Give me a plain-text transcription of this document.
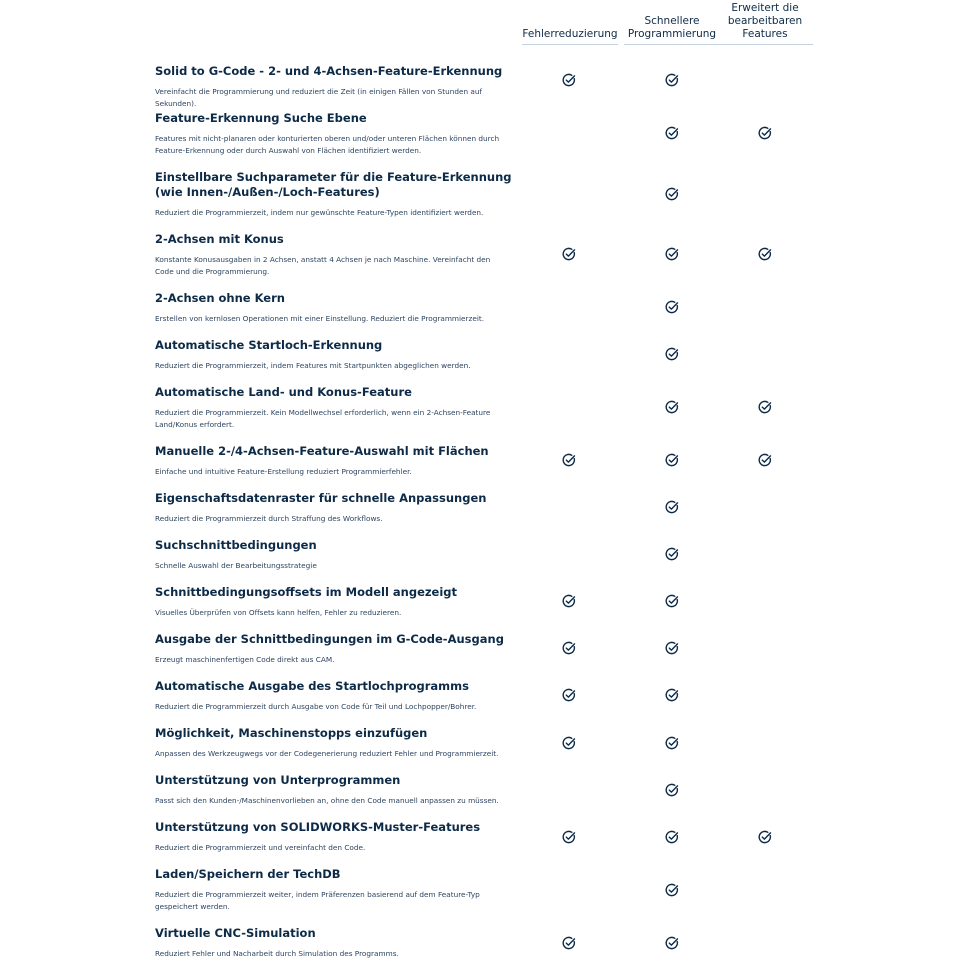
Fehlerreduzierung
Schnellere
Programmierung
Erweitert die
bearbeitbaren
Features
Solid to G-Code - 2- und 4-Achsen-Feature-Erkennung
Vereinfacht die Programmierung und reduziert die Zeit (in einigen Fällen von Stunden auf Sekunden).
Feature-Erkennung Suche Ebene
Features mit nicht-planaren oder konturierten oberen und/oder unteren Flächen können durch Feature-Erkennung oder durch Auswahl von Flächen identifiziert werden.
Einstellbare Suchparameter für die Feature-Erkennung (wie Innen-/Außen-/Loch-Features)
Reduziert die Programmierzeit, indem nur gewünschte Feature-Typen identifiziert werden.
2-Achsen mit Konus
Konstante Konusausgaben in 2 Achsen, anstatt 4 Achsen je nach Maschine. Vereinfacht den Code und die Programmierung.
2-Achsen ohne Kern
Erstellen von kernlosen Operationen mit einer Einstellung. Reduziert die Programmierzeit.
Automatische Startloch-Erkennung
Reduziert die Programmierzeit, indem Features mit Startpunkten abgeglichen werden.
Automatische Land- und Konus-Feature
Reduziert die Programmierzeit. Kein Modellwechsel erforderlich, wenn ein 2-Achsen-Feature Land/Konus erfordert.
Manuelle 2-/4-Achsen-Feature-Auswahl mit Flächen
Einfache und intuitive Feature-Erstellung reduziert Programmierfehler.
Eigenschaftsdatenraster für schnelle Anpassungen
Reduziert die Programmierzeit durch Straffung des Workflows.
Suchschnittbedingungen
Schnelle Auswahl der Bearbeitungsstrategie
Schnittbedingungsoffsets im Modell angezeigt
Visuelles Überprüfen von Offsets kann helfen, Fehler zu reduzieren.
Ausgabe der Schnittbedingungen im G-Code-Ausgang
Erzeugt maschinenfertigen Code direkt aus CAM.
Automatische Ausgabe des Startlochprogramms
Reduziert die Programmierzeit durch Ausgabe von Code für Teil und Lochpopper/Bohrer.
Möglichkeit, Maschinenstopps einzufügen
Anpassen des Werkzeugwegs vor der Codegenerierung reduziert Fehler und Programmierzeit.
Unterstützung von Unterprogrammen
Passt sich den Kunden-/Maschinenvorlieben an, ohne den Code manuell anpassen zu müssen.
Unterstützung von SOLIDWORKS-Muster-Features
Reduziert die Programmierzeit und vereinfacht den Code.
Laden/Speichern der TechDB
Reduziert die Programmierzeit weiter, indem Präferenzen basierend auf dem Feature-Typ gespeichert werden.
Virtuelle CNC-Simulation
Reduziert Fehler und Nacharbeit durch Simulation des Programms.
